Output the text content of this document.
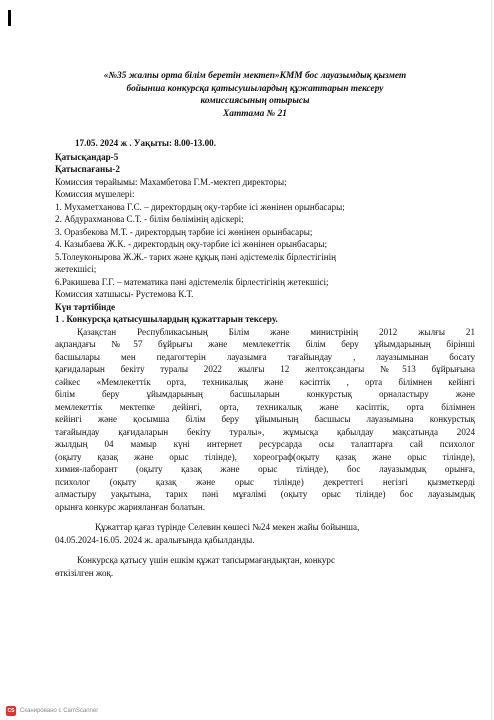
«№35 жалпы орта білім беретін мектеп»КММ бос лауазымдық қызмет
бойынша конкурсқа қатысушылардың құжаттарын тексеру
комиссиясының отырысы
Хаттама № 21
17.05. 2024 ж . Уақыты: 8.00-13.00.
Қатысқандар-5
Қатыспағаны-2
Комиссия төрайымы: Махамбетова Г.М.-мектеп директоры;
Комиссия мүшелері:
1. Мухаметханова Г.С. – директордың оқу-тәрбие ісі жөнінен орынбасары;
2. Абдурахманова С.Т. - білім бөлімінің әдіскері;
3. Оразбекова М.Т. - директордың тәрбие ісі жөнінен орынбасары;
4. Казыбаева Ж.К. - директордың оқу-тәрбие ісі жөнінен орынбасары;
5.Толеуконырова Ж.Ж.- тарих және құқық пәні әдістемелік бірлестігінің
жетекшісі;
6.Ракишева Г.Г. – математика пәні әдістемелік бірлестігінің жетекшісі;
Комиссия хатшысы- Рустемова К.Т.
Күн тәртібінде
1 . Конкурсқа қатысушылардың құжаттарын тексеру.
Қазақстан Республикасының Білім және министрінің 2012 жылғы 21
ақпандағы №57 бұйрығы және мемлекеттік білім беру ұйымдарының бірінші
басшылары мен педагогтерін лауазымға тағайындау , лауазымынан босату
қағидаларын бекіту туралы 2022 жылғы 12 желтоқсандағы №513 бұйрығына
сәйкес «Мемлекеттік орта, техникалық және кәсіптік , орта білімнен кейінгі
білім беру ұйымдарының басшыларын конкурстық орналастыру және
мемлекеттік мектепке дейінгі, орта, техникалық және кәсіптік, орта білімнен
кейінгі және қосымша білім беру ұйымының басшысы лауазымына конкурстық
тағайындау қағидаларын бекіту туралы», жұмысқа қабылдау мақсатында 2024
жылдың 04 мамыр күні интернет ресурсарда осы талаптарға сай психолог
(оқыту қазақ және орыс тілінде), хореограф(оқыту қазақ және орыс тілінде),
химия-лаборант (оқыту қазақ және орыс тілінде), бос лауазымдық орынға,
психолог (оқыту қазақ және орыс тілінде) декреттегі негізгі қызметкерді
алмастыру уақытына, тарих пәні мұғалімі (оқыту орыс тілінде) бос лауазымдық
орынға конкурс жарияланған болатын.
Құжаттар қағаз түрінде Селевин көшесі №24 мекен жайы бойынша,
04.05.2024-16.05. 2024 ж. аралығында қабылданды.
Конкурсқа қатысу үшін ешкім құжат тапсырмағандықтан, конкурс
өткізілген жоқ.
CS Сканировано с CamScanner
